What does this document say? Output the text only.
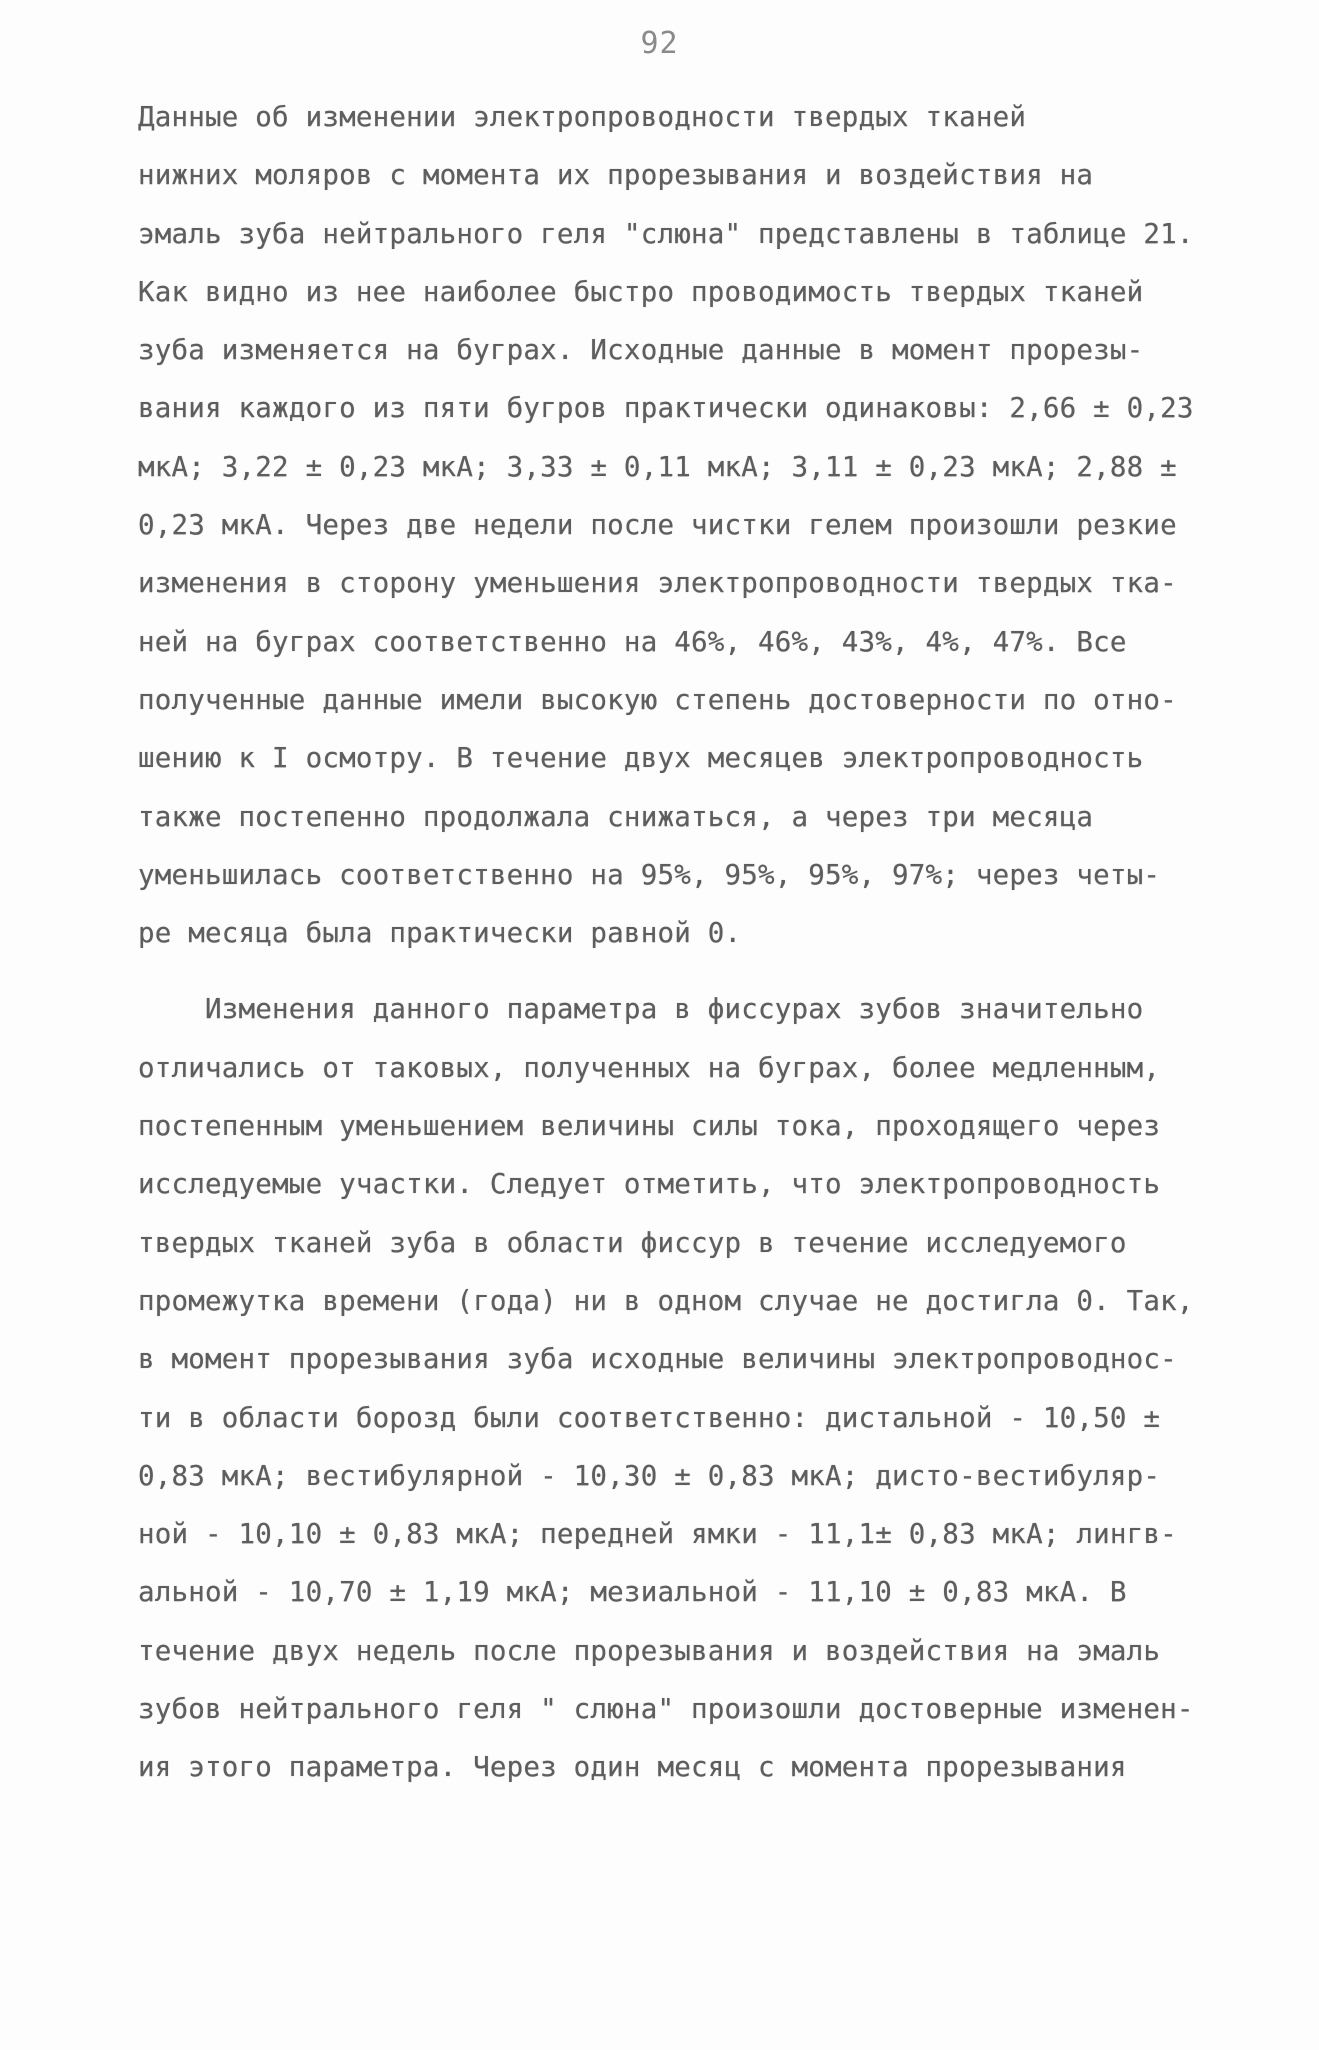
92
Данные об изменении электропроводности твердых тканей
нижних моляров с момента их прорезывания и воздействия на
эмаль зуба нейтрального геля "слюна" представлены в таблице 21.
Как видно из нее наиболее быстро проводимость твердых тканей
зуба изменяется на буграх. Исходные данные в момент прорезы-
вания каждого из пяти бугров практически одинаковы: 2,66 ± 0,23
мкА; 3,22 ± 0,23 мкА; 3,33 ± 0,11 мкА; 3,11 ± 0,23 мкА; 2,88 ±
0,23 мкА. Через две недели после чистки гелем произошли резкие
изменения в сторону уменьшения электропроводности твердых тка-
ней на буграх соответственно на 46%, 46%, 43%, 4%, 47%. Все
полученные данные имели высокую степень достоверности по отно-
шению к I осмотру. В течение двух месяцев электропроводность
также постепенно продолжала снижаться, а через три месяца
уменьшилась соответственно на 95%, 95%, 95%, 97%; через четы-
ре месяца была практически равной 0.
Изменения данного параметра в фиссурах зубов значительно
отличались от таковых, полученных на буграх, более медленным,
постепенным уменьшением величины силы тока, проходящего через
исследуемые участки. Следует отметить, что электропроводность
твердых тканей зуба в области фиссур в течение исследуемого
промежутка времени (года) ни в одном случае не достигла 0. Так,
в момент прорезывания зуба исходные величины электропроводнос-
ти в области борозд были соответственно: дистальной - 10,50 ±
0,83 мкА; вестибулярной - 10,30 ± 0,83 мкА; дисто-вестибуляр-
ной - 10,10 ± 0,83 мкА; передней ямки - 11,1± 0,83 мкА; лингв-
альной - 10,70 ± 1,19 мкА; мезиальной - 11,10 ± 0,83 мкА. В
течение двух недель после прорезывания и воздействия на эмаль
зубов нейтрального геля " слюна" произошли достоверные изменен-
ия этого параметра. Через один месяц с момента прорезывания
